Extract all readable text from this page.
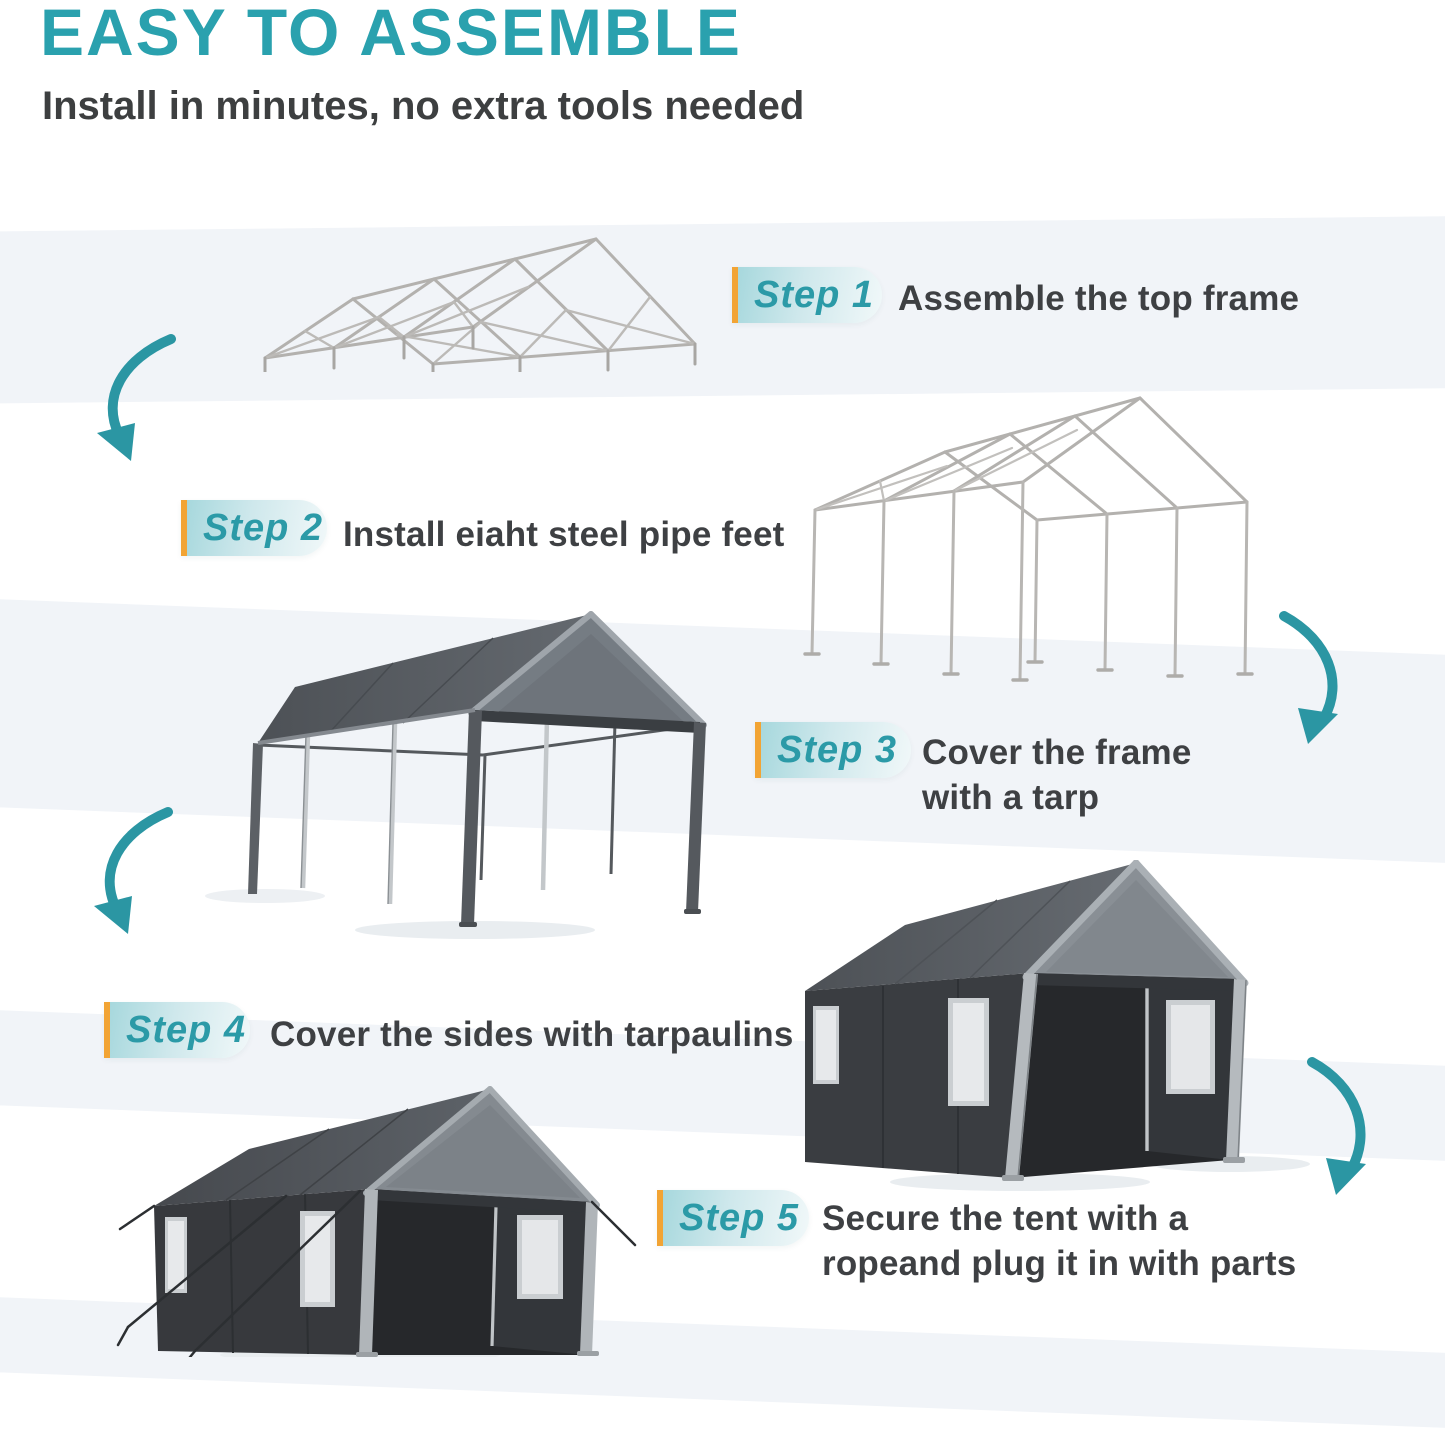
EASY TO ASSEMBLE
Install in minutes, no extra tools needed
Step 1 Assemble the top frame
Step 2 Install eiaht steel pipe feet
Step 3 Cover the frame
with a tarp
Step 4 Cover the sides with tarpaulins
Step 5 Secure the tent with a
ropeand plug it in with parts
